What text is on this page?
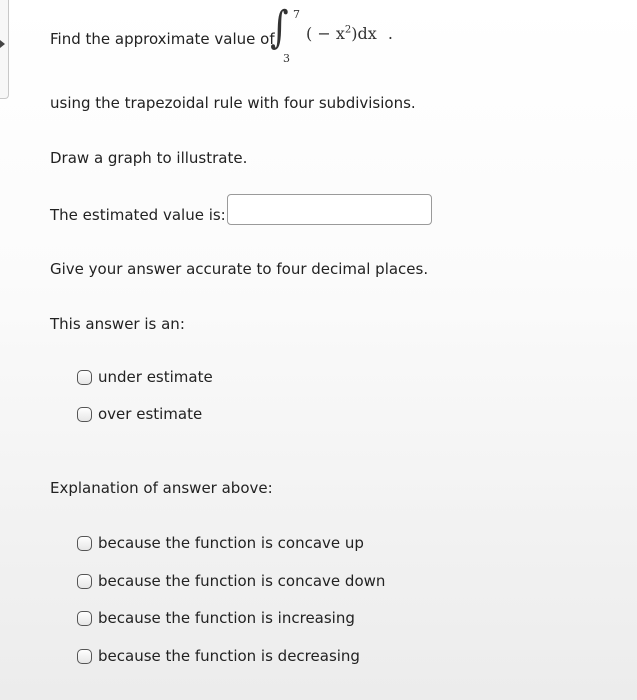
Find the approximate value of
∫ 7
3
( − $x^2)dx$ .
using the trapezoidal rule with four subdivisions.
Draw a graph to illustrate.
The estimated value is:
Give your answer accurate to four decimal places.
This answer is an:
under estimate
over estimate
Explanation of answer above:
because the function is concave up
because the function is concave down
because the function is increasing
because the function is decreasing
